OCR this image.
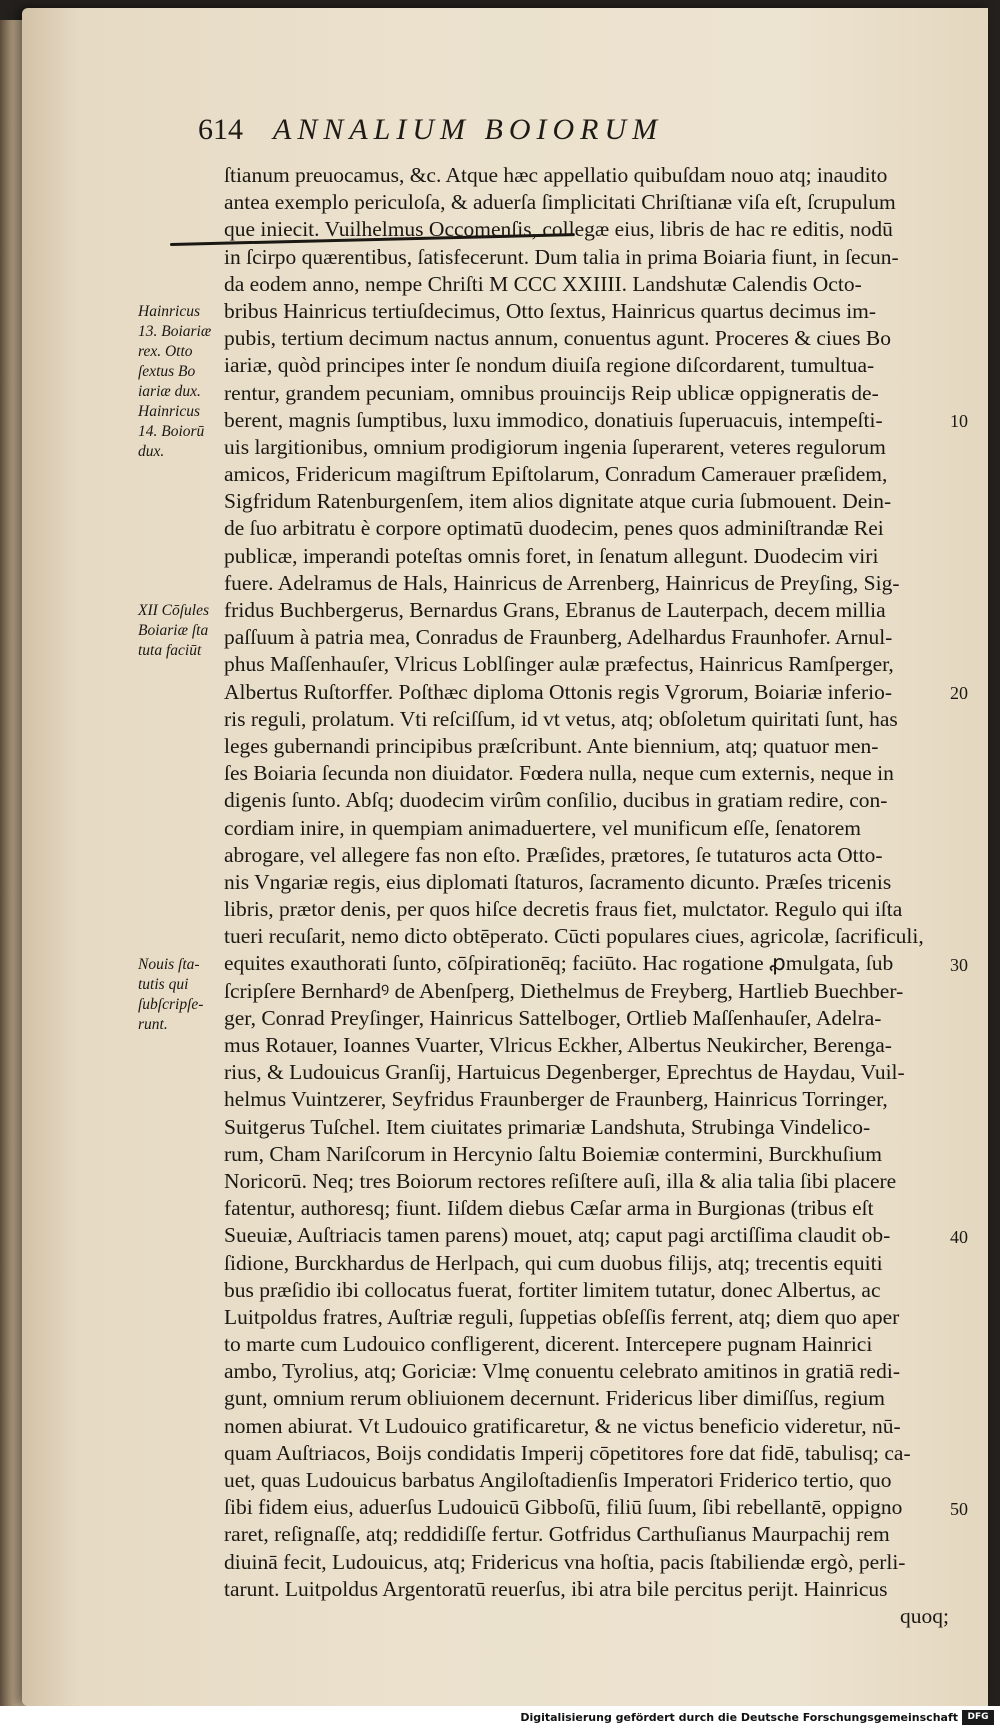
614 ANNALIUM BOIORUM
ſtianum preuocamus, &c. Atque hæc appellatio quibuſdam nouo atq; inaudito
antea exemplo periculoſa, & aduerſa ſimplicitati Chriſtianæ viſa eſt, ſcrupulum
que iniecit. Vuilhelmus Occomenſis, collegæ eius, libris de hac re editis, nodū
in ſcirpo quærentibus, ſatisfecerunt. Dum talia in prima Boiaria fiunt, in ſecun-
da eodem anno, nempe Chriſti M CCC XXIIII. Landshutæ Calendis Octo-
bribus Hainricus tertiuſdecimus, Otto ſextus, Hainricus quartus decimus im-
pubis, tertium decimum nactus annum, conuentus agunt. Proceres & ciues Bo
iariæ, quòd principes inter ſe nondum diuiſa regione diſcordarent, tumultua-
rentur, grandem pecuniam, omnibus prouincijs Reip ublicæ oppigneratis de-
berent, magnis ſumptibus, luxu immodico, donatiuis ſuperuacuis, intempeſti-
uis largitionibus, omnium prodigiorum ingenia ſuperarent, veteres regulorum
amicos, Fridericum magiſtrum Epiſtolarum, Conradum Camerauer præſidem,
Sigfridum Ratenburgenſem, item alios dignitate atque curia ſubmouent. Dein-
de ſuo arbitratu è corpore optimatū duodecim, penes quos adminiſtrandæ Rei
publicæ, imperandi poteſtas omnis foret, in ſenatum allegunt. Duodecim viri
fuere. Adelramus de Hals, Hainricus de Arrenberg, Hainricus de Preyſing, Sig-
fridus Buchbergerus, Bernardus Grans, Ebranus de Lauterpach, decem millia
paſſuum à patria mea, Conradus de Fraunberg, Adelhardus Fraunhofer. Arnul-
phus Maſſenhauſer, Vlricus Loblſinger aulæ præfectus, Hainricus Ramſperger,
Albertus Ruſtorffer. Poſthæc diploma Ottonis regis Vgrorum, Boiariæ inferio-
ris reguli, prolatum. Vti reſciſſum, id vt vetus, atq; obſoletum quiritati ſunt, has
leges gubernandi principibus præſcribunt. Ante biennium, atq; quatuor men-
ſes Boiaria ſecunda non diuidator. Fœdera nulla, neque cum externis, neque in
digenis ſunto. Abſq; duodecim virûm conſilio, ducibus in gratiam redire, con-
cordiam inire, in quempiam animaduertere, vel munificum eſſe, ſenatorem
abrogare, vel allegere fas non eſto. Præſides, prætores, ſe tutaturos acta Otto-
nis Vngariæ regis, eius diplomati ſtaturos, ſacramento dicunto. Præſes tricenis
libris, prætor denis, per quos hiſce decretis fraus fiet, mulctator. Regulo qui iſta
tueri recuſarit, nemo dicto obtēperato. Cūcti populares ciues, agricolæ, ſacrificuli,
equites exauthorati ſunto, cōſpirationēq; faciūto. Hac rogatione ꝓmulgata, ſub
ſcripſere Bernhardꝰ de Abenſperg, Diethelmus de Freyberg, Hartlieb Buechber-
ger, Conrad Preyſinger, Hainricus Sattelboger, Ortlieb Maſſenhauſer, Adelra-
mus Rotauer, Ioannes Vuarter, Vlricus Eckher, Albertus Neukircher, Berenga-
rius, & Ludouicus Granſij, Hartuicus Degenberger, Eprechtus de Haydau, Vuil-
helmus Vuintzerer, Seyfridus Fraunberger de Fraunberg, Hainricus Torringer,
Suitgerus Tuſchel. Item ciuitates primariæ Landshuta, Strubinga Vindelico-
rum, Cham Nariſcorum in Hercynio ſaltu Boiemiæ contermini, Burckhuſium
Noricorū. Neq; tres Boiorum rectores reſiſtere auſi, illa & alia talia ſibi placere
fatentur, authoresq; fiunt. Iiſdem diebus Cæſar arma in Burgionas (tribus eſt
Sueuiæ, Auſtriacis tamen parens) mouet, atq; caput pagi arctiſſima claudit ob-
ſidione, Burckhardus de Herlpach, qui cum duobus filijs, atq; trecentis equiti
bus præſidio ibi collocatus fuerat, fortiter limitem tutatur, donec Albertus, ac
Luitpoldus fratres, Auſtriæ reguli, ſuppetias obſeſſis ferrent, atq; diem quo aper
to marte cum Ludouico confligerent, dicerent. Intercepere pugnam Hainrici
ambo, Tyrolius, atq; Goriciæ: Vlmę conuentu celebrato amitinos in gratiā redi-
gunt, omnium rerum obliuionem decernunt. Fridericus liber dimiſſus, regium
nomen abiurat. Vt Ludouico gratificaretur, & ne victus beneficio videretur, nū-
quam Auſtriacos, Boijs condidatis Imperij cōpetitores fore dat fidē, tabulisq; ca-
uet, quas Ludouicus barbatus Angiloſtadienſis Imperatori Friderico tertio, quo
ſibi fidem eius, aduerſus Ludouicū Gibboſū, filiū ſuum, ſibi rebellantē, oppigno
raret, reſignaſſe, atq; reddidiſſe fertur. Gotfridus Carthuſianus Maurpachij rem
diuinā fecit, Ludouicus, atq; Fridericus vna hoſtia, pacis ſtabiliendæ ergò, perli-
tarunt. Luitpoldus Argentoratū reuerſus, ibi atra bile percitus perijt. Hainricus
quoq;
Hainricus
13. Boiariæ
rex. Otto
ſextus Bo
iariæ dux.
Hainricus
14. Boiorū
dux.
XII Cōſules
Boiariæ ſta
tuta faciūt
Nouis ſta-
tutis qui
ſubſcripſe-
runt.
10
20
30
40
50
Digitalisierung gefördert durch die Deutsche Forschungsgemeinschaft	DFG
